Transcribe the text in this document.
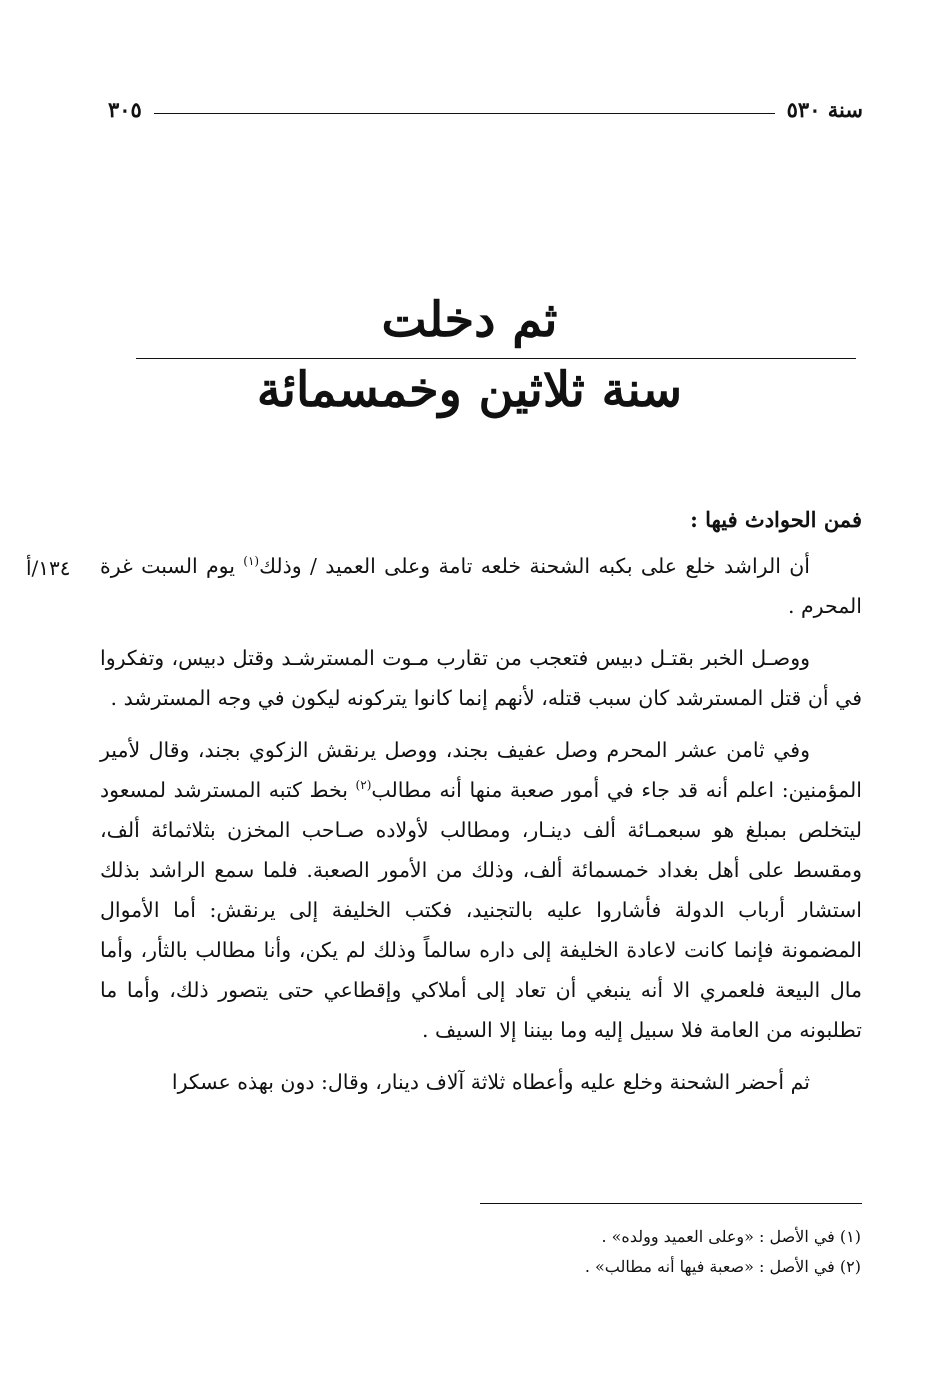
سنة ٥٣٠
٣٠٥
ثم دخلت
سنة ثلاثين وخمسمائة
١٣٤/أ
فمن الحوادث فيها :

أن الراشد خلع على بكبه الشحنة خلعه تامة وعلى العميد / وذلك$^{(١)}$ يوم السبت غرة المحرم .

ووصـل الخبر بقتـل دبيس فتعجب من تقارب مـوت المسترشـد وقتل دبيس، وتفكروا في أن قتل المسترشد كان سبب قتله، لأنهم إنما كانوا يتركونه ليكون في وجه المسترشد .

وفي ثامن عشر المحرم وصل عفيف بجند، ووصل يرنقش الزكوي بجند، وقال لأمير المؤمنين: اعلم أنه قد جاء في أمور صعبة منها أنه مطالب$^{(٢)}$ بخط كتبه المسترشد لمسعود ليتخلص بمبلغ هو سبعمـائة ألف دينـار، ومطالب لأولاده صـاحب المخزن بثلاثمائة ألف، ومقسط على أهل بغداد خمسمائة ألف، وذلك من الأمور الصعبة. فلما سمع الراشد بذلك استشار أرباب الدولة فأشاروا عليه بالتجنيد، فكتب الخليفة إلى يرنقش: أما الأموال المضمونة فإنما كانت لاعادة الخليفة إلى داره سالماً وذلك لم يكن، وأنا مطالب بالثأر، وأما مال البيعة فلعمري الا أنه ينبغي أن تعاد إلى أملاكي وإقطاعي حتى يتصور ذلك، وأما ما تطلبونه من العامة فلا سبيل إليه وما بيننا إلا السيف .

ثم أحضر الشحنة وخلع عليه وأعطاه ثلاثة آلاف دينار، وقال: دون بهذه عسكرا

(١) في الأصل : «وعلى العميد وولده» .
(٢) في الأصل : «صعبة فيها أنه مطالب» .
